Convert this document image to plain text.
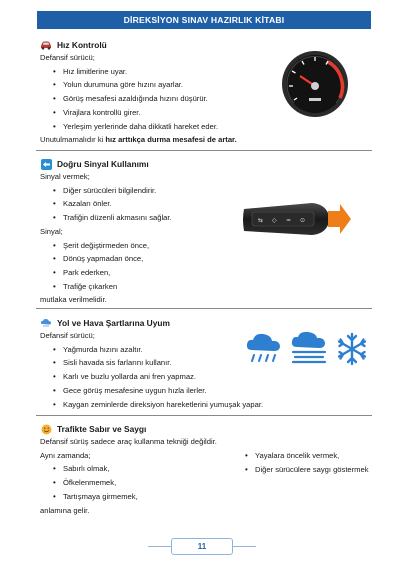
DİREKSİYON SINAV HAZIRLIK KİTABI
Hız Kontrolü
Defansif sürücü;
• Hız limitlerine uyar.
• Yolun durumuna göre hızını ayarlar.
• Görüş mesafesi azaldığında hızını düşürür.
• Virajlara kontrollü girer.
• Yerleşim yerlerinde daha dikkatli hareket eder.
Unutulmamalıdır ki hız arttıkça durma mesafesi de artar.
Doğru Sinyal Kullanımı
Sinyal vermek;
• Diğer sürücüleri bilgilendirir.
• Kazaları önler.
• Trafiğin düzenli akmasını sağlar.
Sinyal;
• Şerit değiştirmeden önce,
• Dönüş yapmadan önce,
• Park ederken,
• Trafiğe çıkarken
mutlaka verilmelidir.
⇆ ◇ ≈ ⊙
Yol ve Hava Şartlarına Uyum
Defansif sürücü;
• Yağmurda hızını azaltır.
• Sisli havada sis farlarını kullanır.
• Karlı ve buzlu yollarda ani fren yapmaz.
• Gece görüş mesafesine uygun hızla ilerler.
• Kaygan zeminlerde direksiyon hareketlerini yumuşak yapar.
Trafikte Sabır ve Saygı
Defansif sürüş sadece araç kullanma tekniği değildir.
Aynı zamanda;
• Sabırlı olmak,
• Öfkelenmemek,
• Tartışmaya girmemek,
• Yayalara öncelik vermek,
• Diğer sürücülere saygı göstermek
anlamına gelir.
11
